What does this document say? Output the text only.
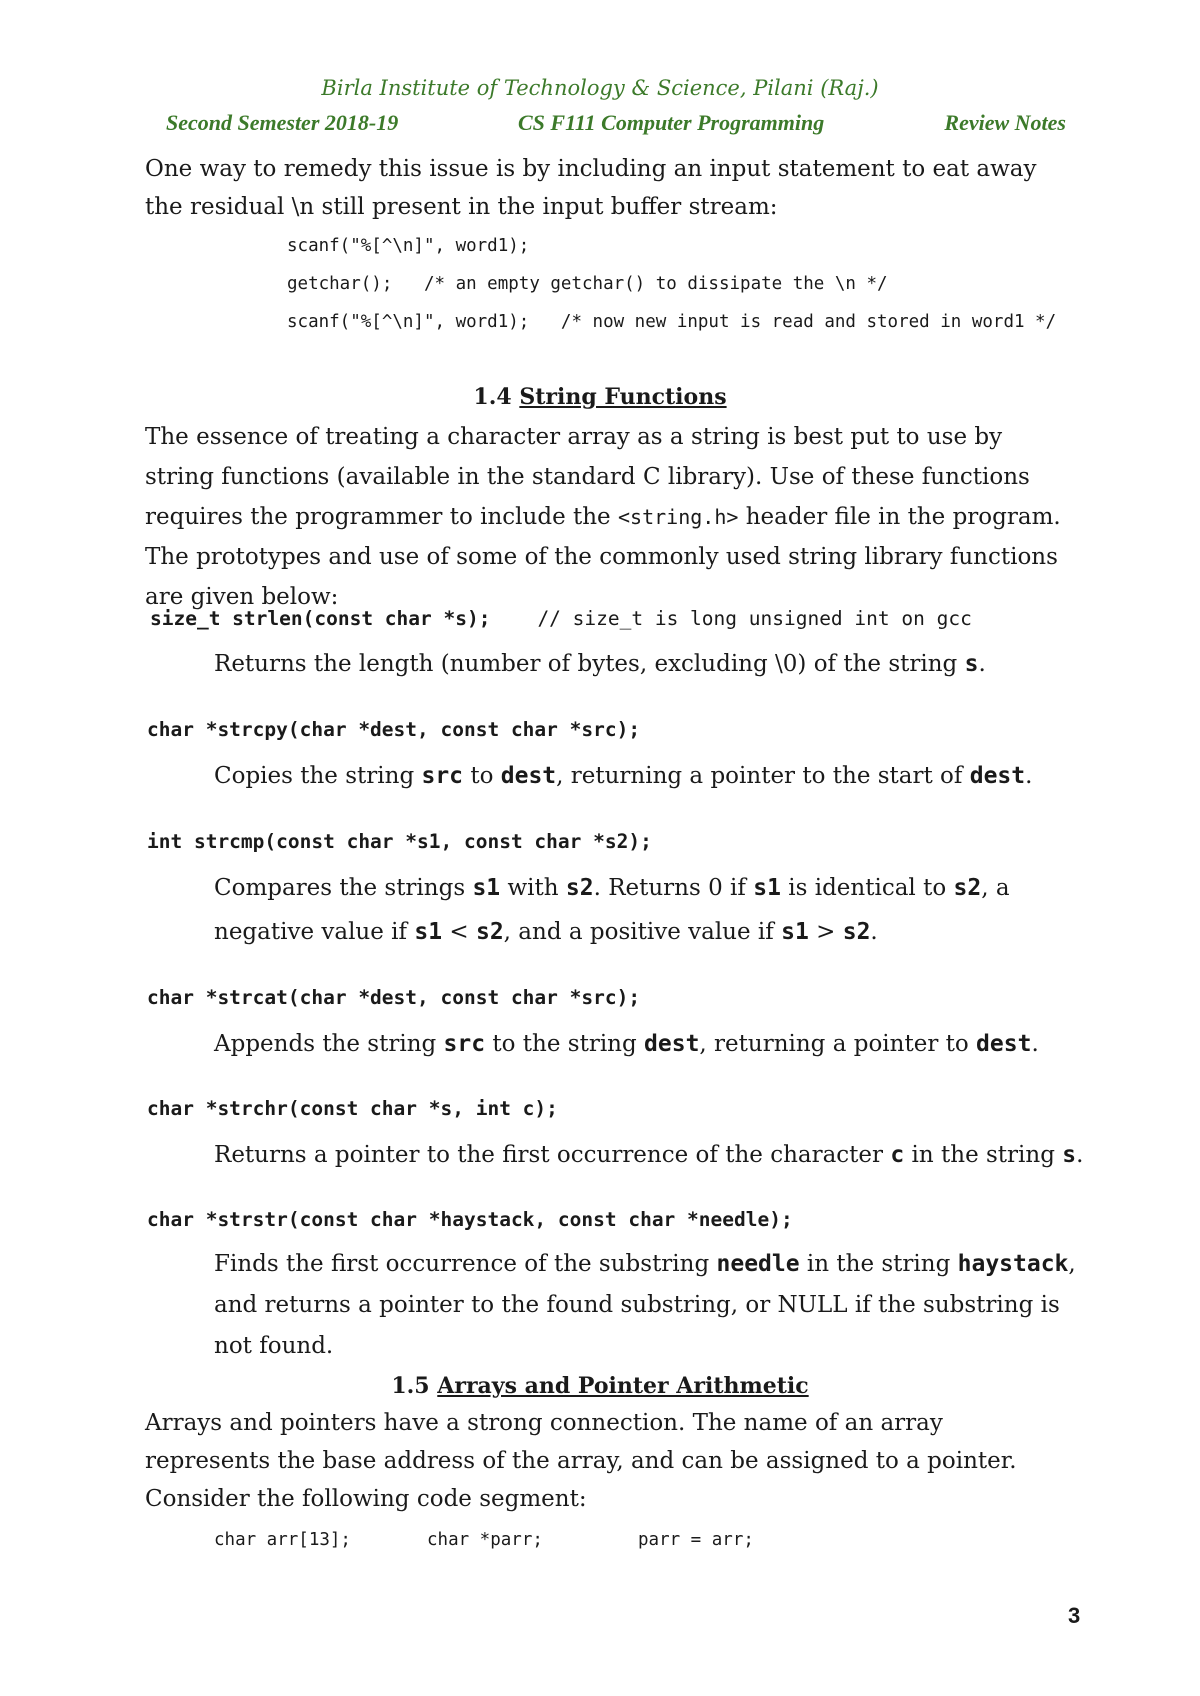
Birla Institute of Technology & Science, Pilani (Raj.)
Second Semester 2018-19	CS F111 Computer Programming	Review Notes
One way to remedy this issue is by including an input statement to eat away the residual \n still present in the input buffer stream:
scanf("%[^\n]", word1);
getchar();   /* an empty getchar() to dissipate the \n */
scanf("%[^\n]", word1);   /* now new input is read and stored in word1 */
1.4 String Functions
The essence of treating a character array as a string is best put to use by string functions (available in the standard C library). Use of these functions requires the programmer to include the <string.h> header file in the program. The prototypes and use of some of the commonly used string library functions are given below:
size_t strlen(const char *s); // size_t is long unsigned int on gcc
Returns the length (number of bytes, excluding \0) of the string s.
char *strcpy(char *dest, const char *src);
Copies the string src to dest, returning a pointer to the start of dest.
int strcmp(const char *s1, const char *s2);
Compares the strings s1 with s2. Returns 0 if s1 is identical to s2, a negative value if s1 < s2, and a positive value if s1 > s2.
char *strcat(char *dest, const char *src);
Appends the string src to the string dest, returning a pointer to dest.
char *strchr(const char *s, int c);
Returns a pointer to the first occurrence of the character c in the string s.
char *strstr(const char *haystack, const char *needle);
Finds the first occurrence of the substring needle in the string haystack, and returns a pointer to the found substring, or NULL if the substring is not found.
1.5 Arrays and Pointer Arithmetic
Arrays and pointers have a strong connection. The name of an array represents the base address of the array, and can be assigned to a pointer. Consider the following code segment:
char arr[13];	char *parr;	parr = arr;
3
